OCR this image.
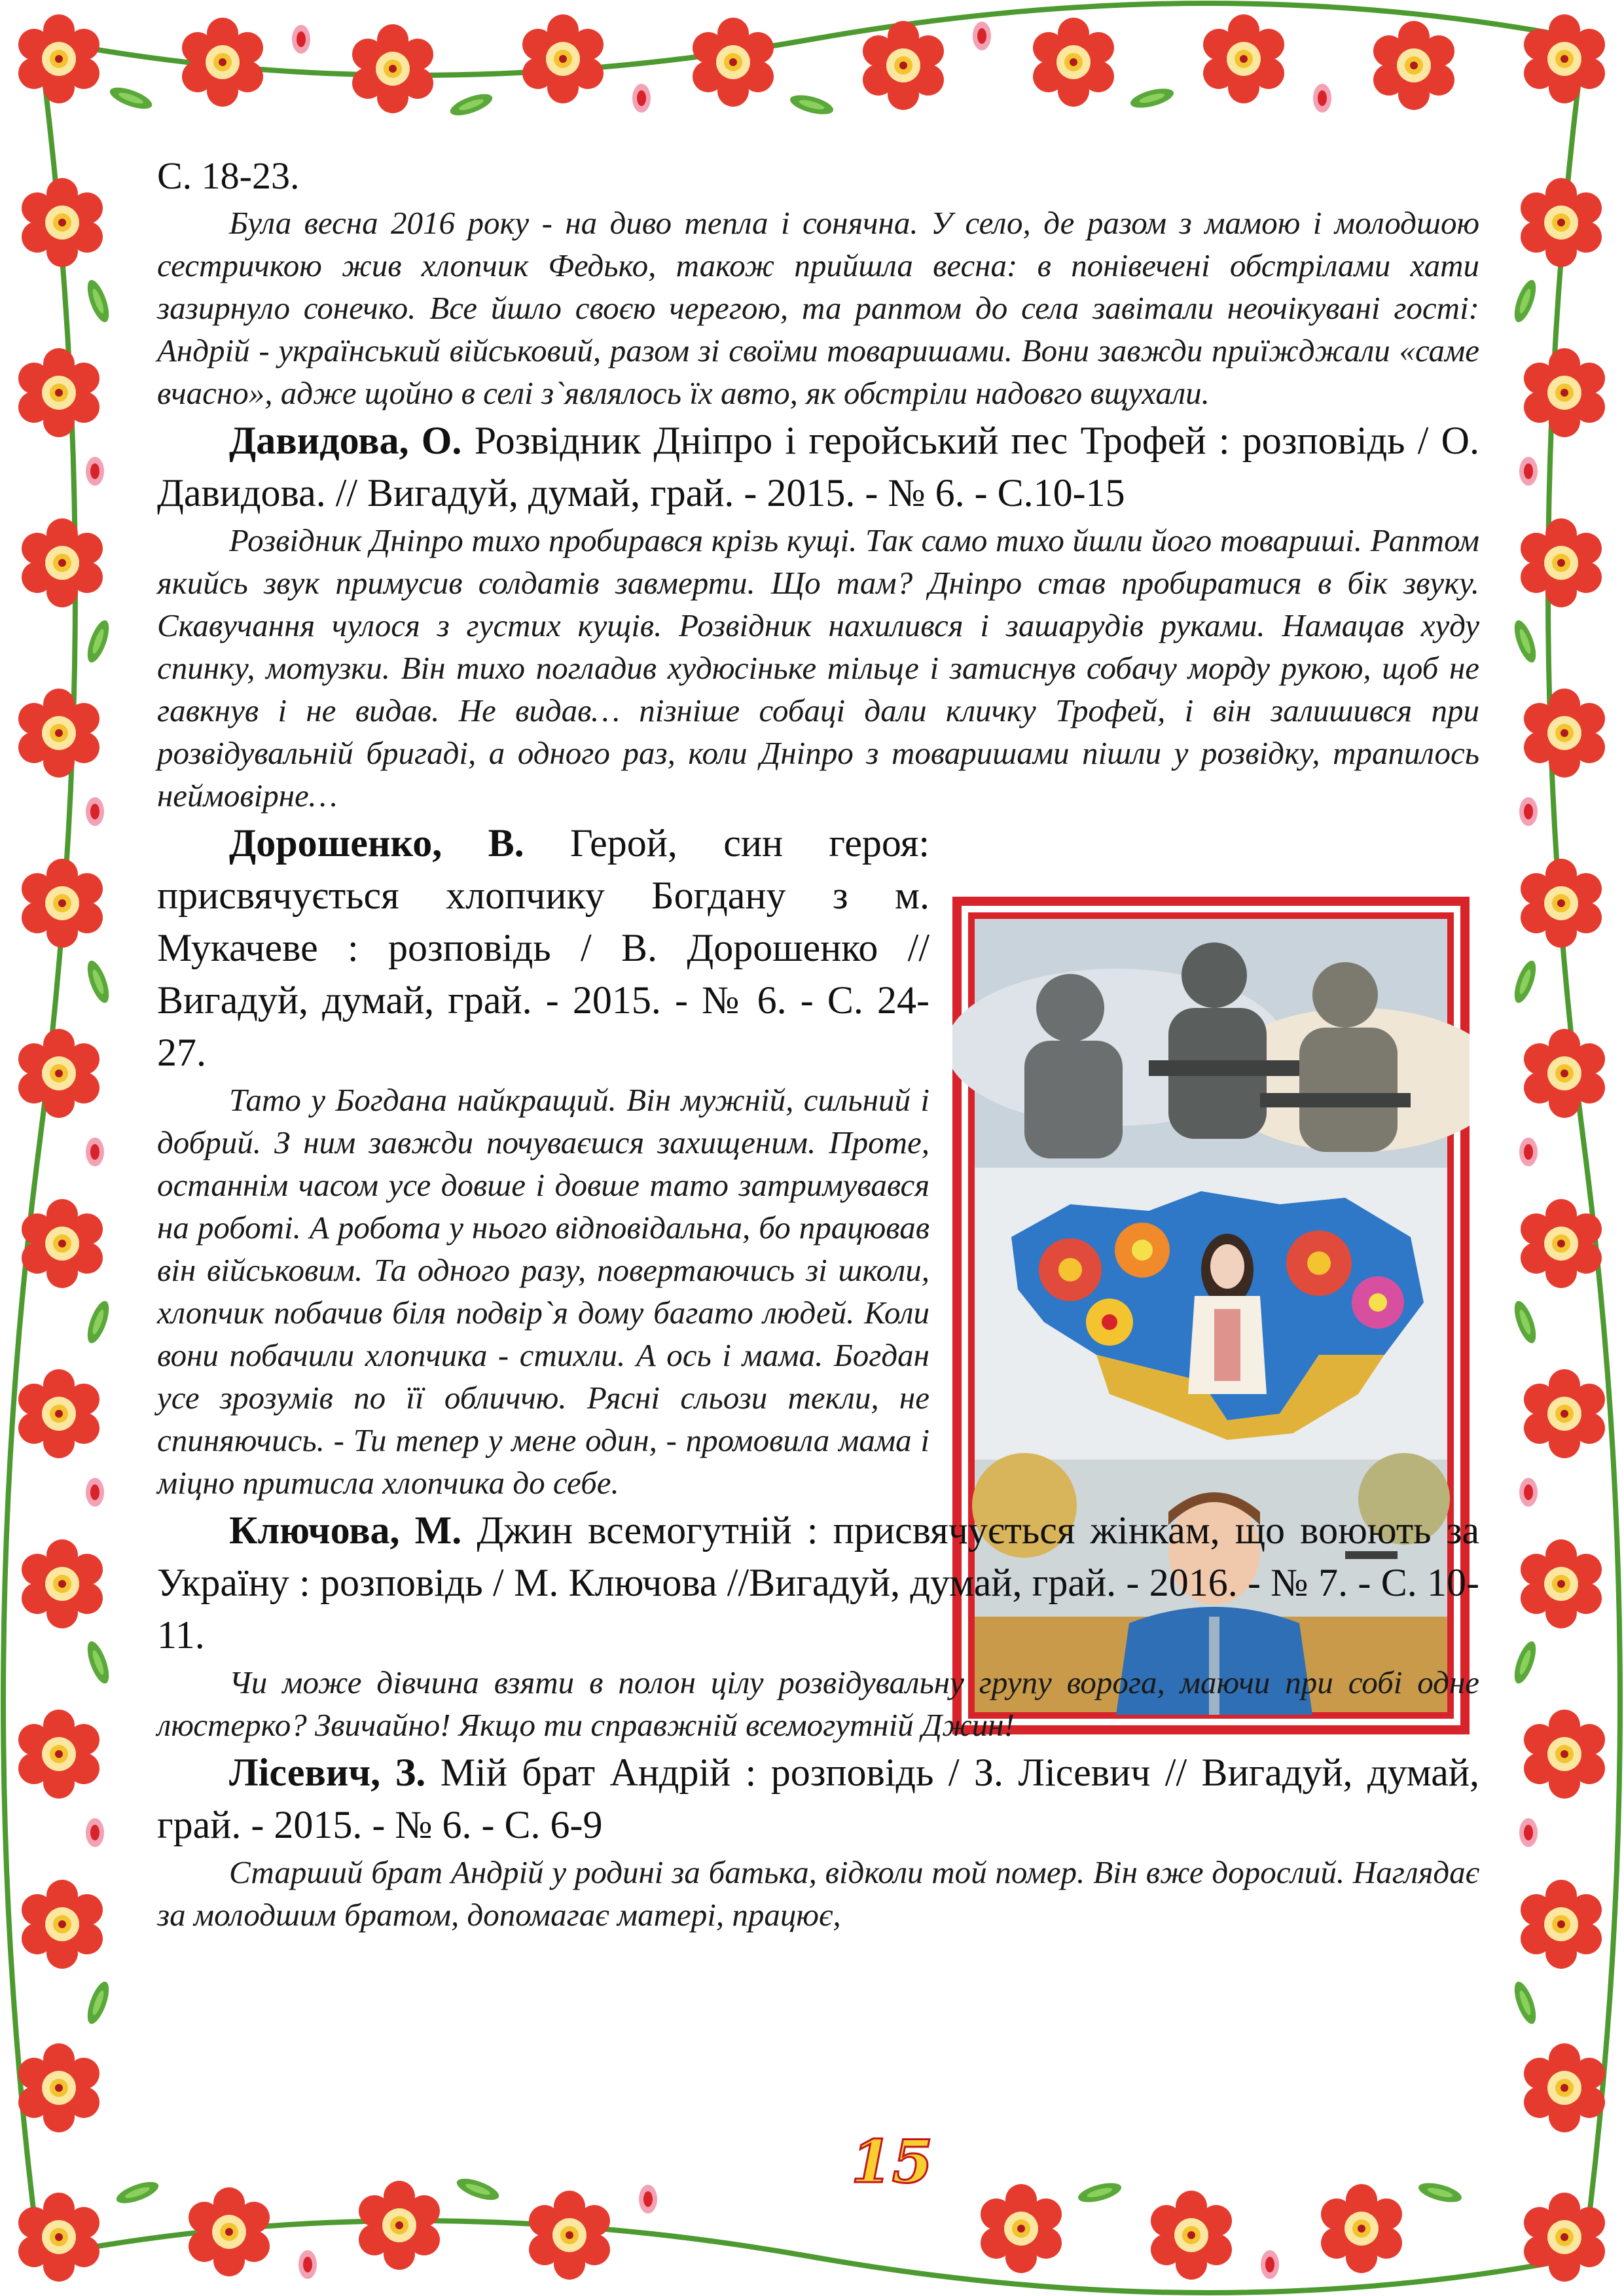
С. 18-23.

Була весна 2016 року - на диво тепла і сонячна. У село, де разом з мамою і молодшою сестричкою жив хлопчик Федько, також прийшла весна: в понівечені обстрілами хати зазирнуло сонечко. Все йшло своєю черегою, та раптом до села завітали неочікувані гості: Андрій - український військовий, разом зі своїми товаришами. Вони завжди приїжджали «саме вчасно», адже щойно в селі з`являлось їх авто, як обстріли надовго вщухали.

Давидова, О. Розвідник Дніпро і геройський пес Трофей : розповідь / О. Давидова. // Вигадуй, думай, грай. - 2015. - № 6. - С.10-15

Розвідник Дніпро тихо пробирався крізь кущі. Так само тихо йшли його товариші. Раптом якийсь звук примусив солдатів завмерти. Що там? Дніпро став пробиратися в бік звуку. Скавучання чулося з густих кущів. Розвідник нахилився і зашарудів руками. Намацав худу спинку, мотузки. Він тихо погладив худюсіньке тільце і затиснув собачу морду рукою, щоб не гавкнув і не видав. Не видав… пізніше собаці дали кличку Трофей, і він залишився при розвідувальній бригаді, а одного раз, коли Дніпро з товаришами пішли у розвідку, трапилось неймовірне…

Дорошенко, В. Герой, син героя: присвячується хлопчику Богдану з м. Мукачеве : розповідь / В. Дорошенко // Вигадуй, думай, грай. - 2015. - № 6. - С. 24-27.

Тато у Богдана найкращий. Він мужній, сильний і добрий. З ним завжди почуваєшся захищеним. Проте, останнім часом усе довше і довше тато затримувався на роботі. А робота у нього відповідальна, бо працював він військовим. Та одного разу, повертаючись зі школи, хлопчик побачив біля подвір`я дому багато людей. Коли вони побачили хлопчика - стихли. А ось і мама. Богдан усе зрозумів по її обличчю. Рясні сльози текли, не спиняючись. - Ти тепер у мене один, - промовила мама і міцно притисла хлопчика до себе.

Ключова, М. Джин всемогутній : присвячується жінкам, що воюють за Україну : розповідь / М. Ключова //Вигадуй, думай, грай. - 2016. - № 7. - С. 10-11.

Чи може дівчина взяти в полон цілу розвідувальну групу ворога, маючи при собі одне люстерко? Звичайно! Якщо ти справжній всемогутній Джин!

Лісевич, З. Мій брат Андрій : розповідь / З. Лісевич // Вигадуй, думай, грай. - 2015. - № 6. - С. 6-9

Старший брат Андрій у родині за батька, відколи той помер. Він вже дорослий. Наглядає за молодшим братом, допомагає матері, працює,

15
